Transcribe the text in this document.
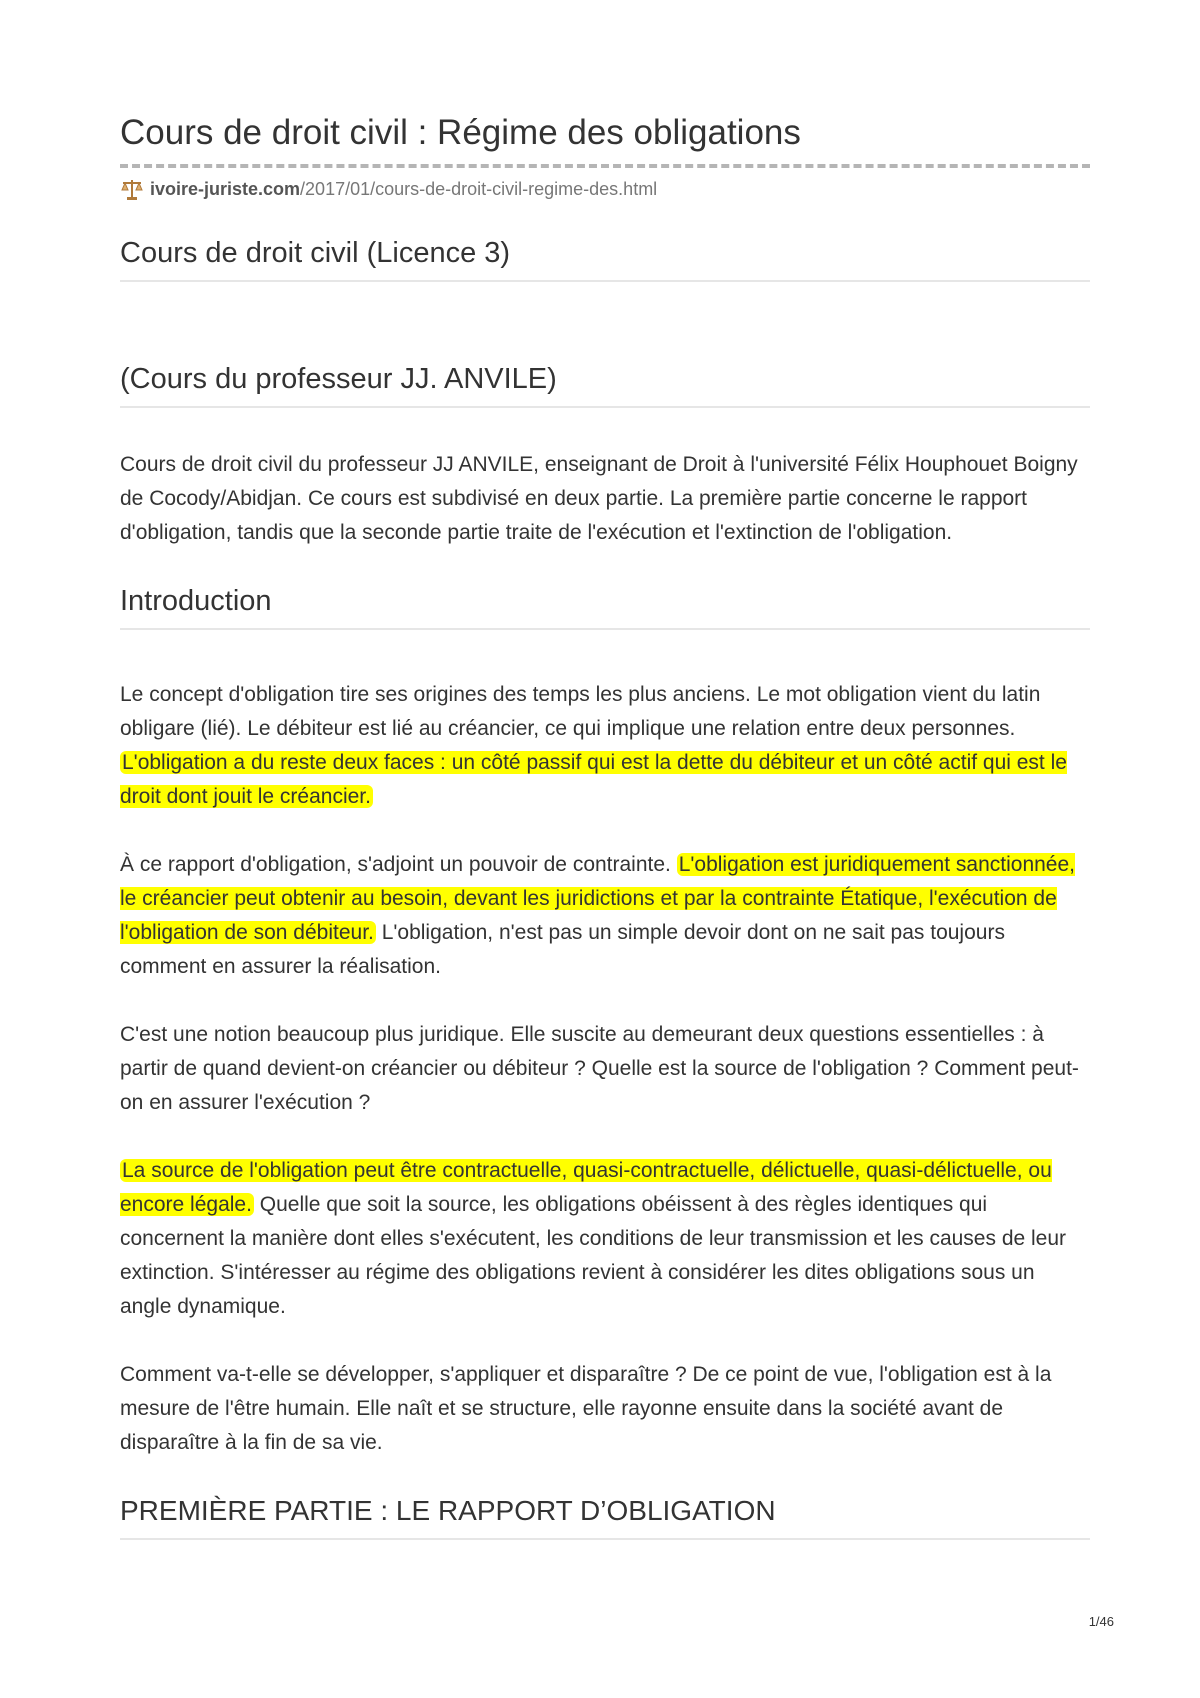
Cours de droit civil : Régime des obligations
ivoire-juriste.com /2017/01/cours-de-droit-civil-regime-des.html
Cours de droit civil (Licence 3)
(Cours du professeur JJ. ANVILE)

Cours de droit civil du professeur JJ ANVILE, enseignant de Droit à l'université Félix Houphouet Boigny de Cocody/Abidjan. Ce cours est subdivisé en deux partie. La première partie concerne le rapport d'obligation, tandis que la seconde partie traite de l'exécution et l'extinction de l'obligation.

Introduction

Le concept d'obligation tire ses origines des temps les plus anciens. Le mot obligation vient du latin obligare (lié). Le débiteur est lié au créancier, ce qui implique une relation entre deux personnes. L'obligation a du reste deux faces : un côté passif qui est la dette du débiteur et un côté actif qui est le droit dont jouit le créancier.

À ce rapport d'obligation, s'adjoint un pouvoir de contrainte. L'obligation est juridiquement sanctionnée, le créancier peut obtenir au besoin, devant les juridictions et par la contrainte Étatique, l'exécution de l'obligation de son débiteur. L'obligation, n'est pas un simple devoir dont on ne sait pas toujours comment en assurer la réalisation.

C'est une notion beaucoup plus juridique. Elle suscite au demeurant deux questions essentielles : à partir de quand devient-on créancier ou débiteur ? Quelle est la source de l'obligation ? Comment peut-on en assurer l'exécution ?

La source de l'obligation peut être contractuelle, quasi-contractuelle, délictuelle, quasi-délictuelle, ou encore légale. Quelle que soit la source, les obligations obéissent à des règles identiques qui concernent la manière dont elles s'exécutent, les conditions de leur transmission et les causes de leur extinction. S'intéresser au régime des obligations revient à considérer les dites obligations sous un angle dynamique.

Comment va-t-elle se développer, s'appliquer et disparaître ? De ce point de vue, l'obligation est à la mesure de l'être humain. Elle naît et se structure, elle rayonne ensuite dans la société avant de disparaître à la fin de sa vie.

PREMIÈRE PARTIE : LE RAPPORT D’OBLIGATION
1/46
